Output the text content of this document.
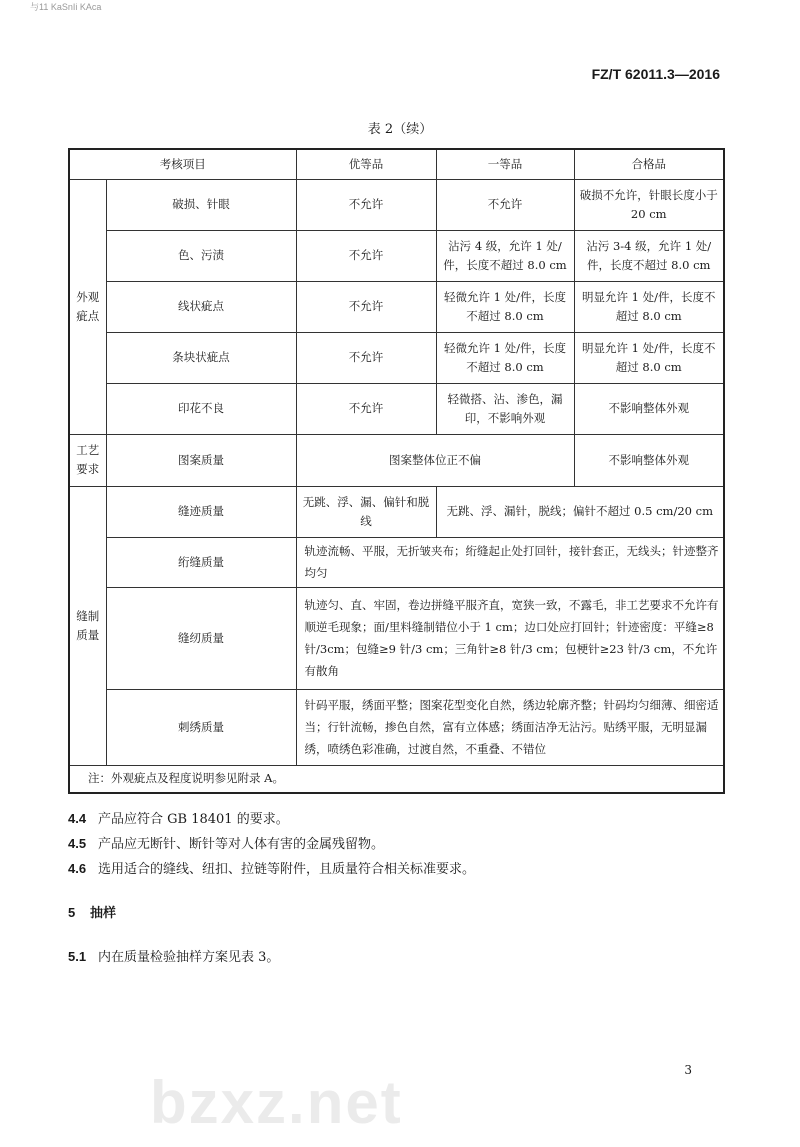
与11 KaSnIi KAca
FZ/T 62011.3—2016
bzxz.net
表 2（续）
考核项目		优等品	一等品	合格品
外观疵点	破损、针眼	不允许	不允许	破损不允许，针眼长度小于 20 cm
	色、污渍	不允许	沾污 4 级，允许 1 处/件，长度不超过 8.0 cm	沾污 3-4 级，允许 1 处/件，长度不超过 8.0 cm
	线状疵点	不允许	轻微允许 1 处/件，长度不超过 8.0 cm	明显允许 1 处/件，长度不超过 8.0 cm
	条块状疵点	不允许	轻微允许 1 处/件，长度不超过 8.0 cm	明显允许 1 处/件，长度不超过 8.0 cm
	印花不良	不允许	轻微搭、沾、渗色，漏印，不影响外观	不影响整体外观
工艺要求	图案质量	图案整体位正不偏		不影响整体外观
缝制质量	缝迹质量	无跳、浮、漏、偏针和脱线	无跳、浮、漏针，脱线；偏针不超过 0.5 cm/20 cm	
	绗缝质量	轨迹流畅、平服，无折皱夹布；绗缝起止处打回针，接针套正，无线头；针迹整齐均匀		
	缝纫质量	轨迹匀、直、牢固，卷边拼缝平服齐直，宽狭一致，不露毛，非工艺要求不允许有顺逆毛现象；面/里料缝制错位小于 1 cm；边口处应打回针；针迹密度：平缝≥8 针/3cm；包缝≥9 针/3 cm；三角针≥8 针/3 cm；包梗针≥23 针/3 cm，不允许有散角		
	刺绣质量	针码平服，绣面平整；图案花型变化自然，绣边轮廓齐整；针码均匀细薄、细密适当；行针流畅，掺色自然，富有立体感；绣面洁净无沾污。贴绣平服，无明显漏绣，喷绣色彩准确，过渡自然，不重叠、不错位		
注：外观疵点及程度说明参见附录 A。				
4.4 产品应符合 GB 18401 的要求。
4.5 产品应无断针、断针等对人体有害的金属残留物。
4.6 选用适合的缝线、纽扣、拉链等附件，且质量符合相关标准要求。
5 抽样
5.1 内在质量检验抽样方案见表 3。
3
